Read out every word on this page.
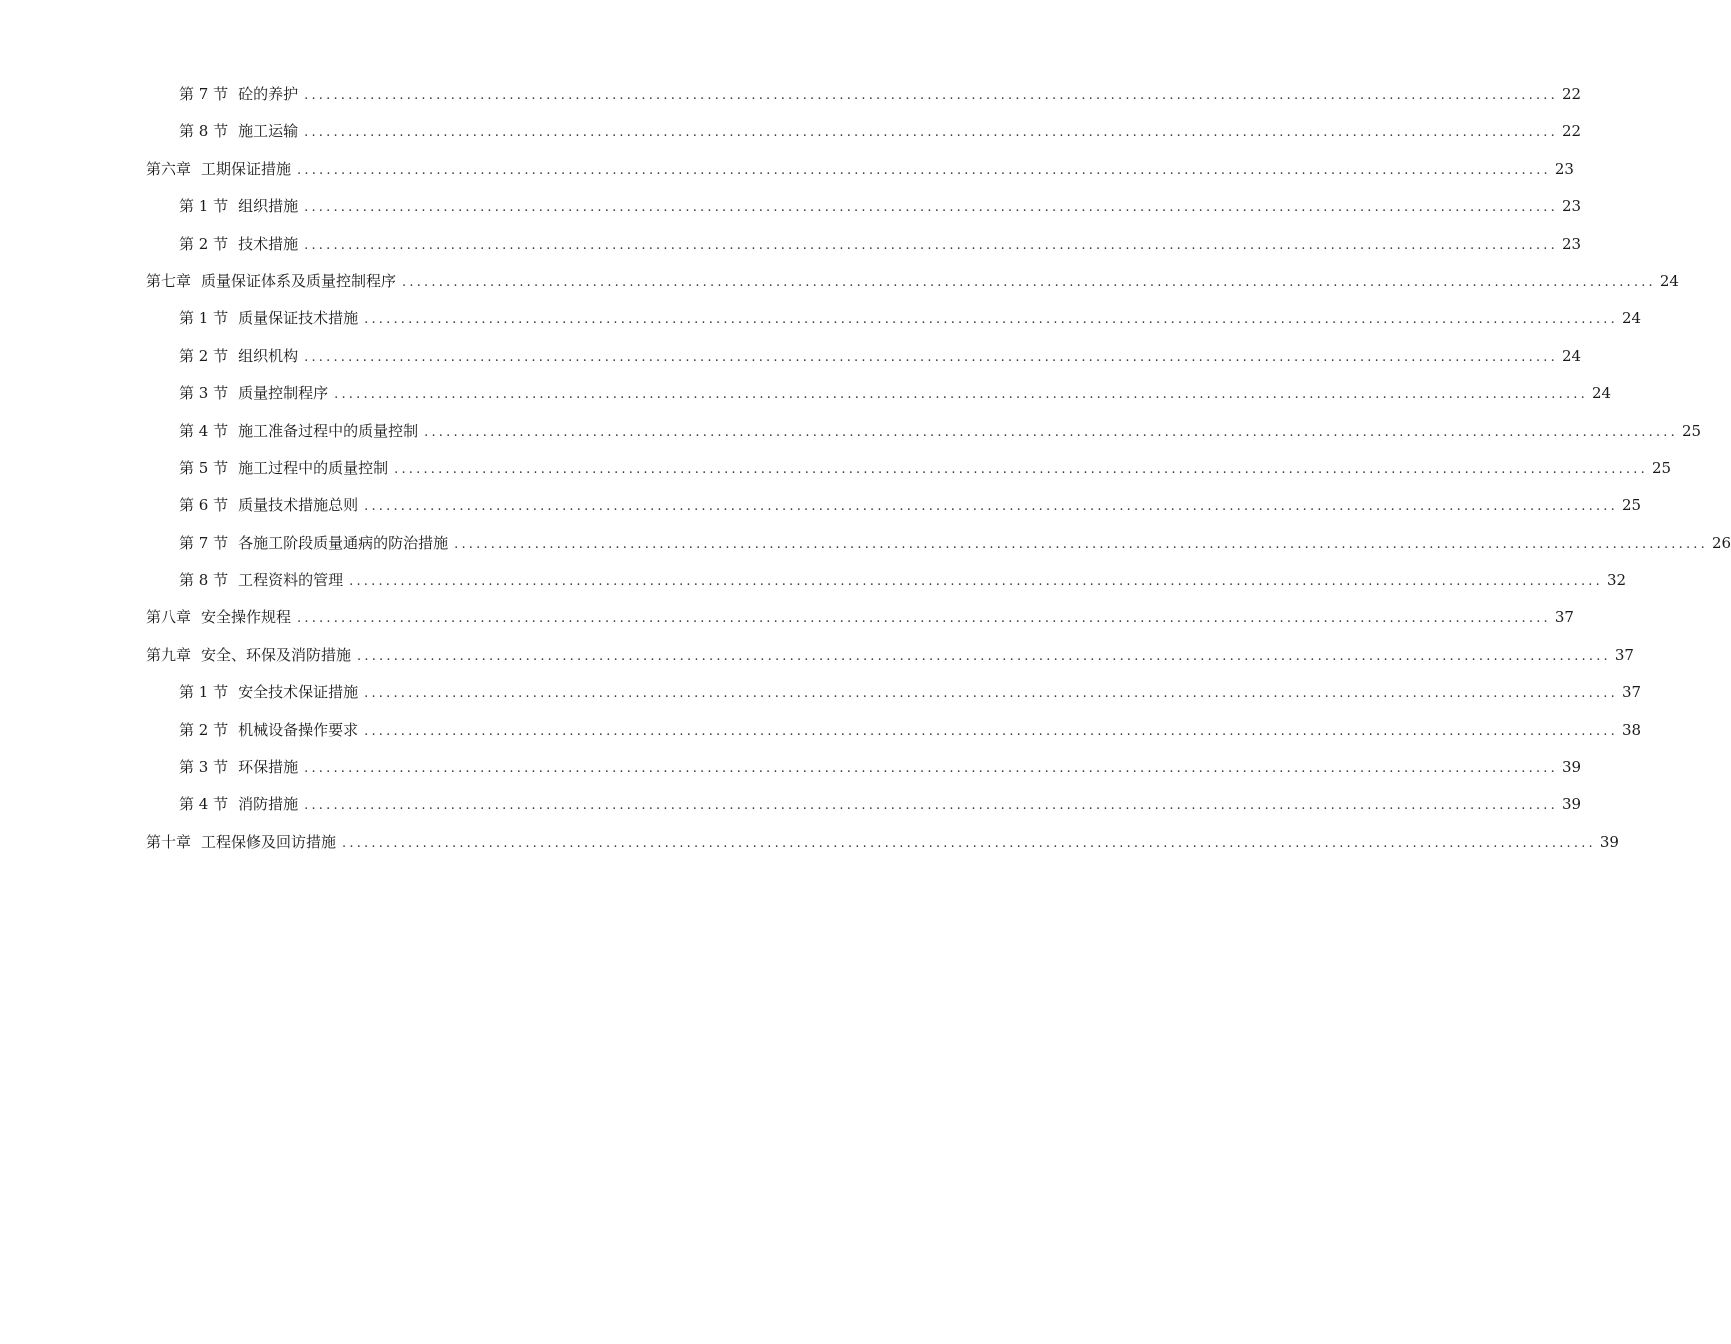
第 7 节 砼的养护 ........................................................................................................................................................................... 22
第 8 节 施工运输 ........................................................................................................................................................................... 22
第六章 工期保证措施 ........................................................................................................................................................................... 23
第 1 节 组织措施 ........................................................................................................................................................................... 23
第 2 节 技术措施 ........................................................................................................................................................................... 23
第七章 质量保证体系及质量控制程序 ........................................................................................................................................................................... 24
第 1 节 质量保证技术措施 ........................................................................................................................................................................... 24
第 2 节 组织机构 ........................................................................................................................................................................... 24
第 3 节 质量控制程序 ........................................................................................................................................................................... 24
第 4 节 施工准备过程中的质量控制 ........................................................................................................................................................................... 25
第 5 节 施工过程中的质量控制 ........................................................................................................................................................................... 25
第 6 节 质量技术措施总则 ........................................................................................................................................................................... 25
第 7 节 各施工阶段质量通病的防治措施 ........................................................................................................................................................................... 26
第 8 节 工程资料的管理 ........................................................................................................................................................................... 32
第八章 安全操作规程 ........................................................................................................................................................................... 37
第九章 安全、环保及消防措施 ........................................................................................................................................................................... 37
第 1 节 安全技术保证措施 ........................................................................................................................................................................... 37
第 2 节 机械设备操作要求 ........................................................................................................................................................................... 38
第 3 节 环保措施 ........................................................................................................................................................................... 39
第 4 节 消防措施 ........................................................................................................................................................................... 39
第十章 工程保修及回访措施 ........................................................................................................................................................................... 39
